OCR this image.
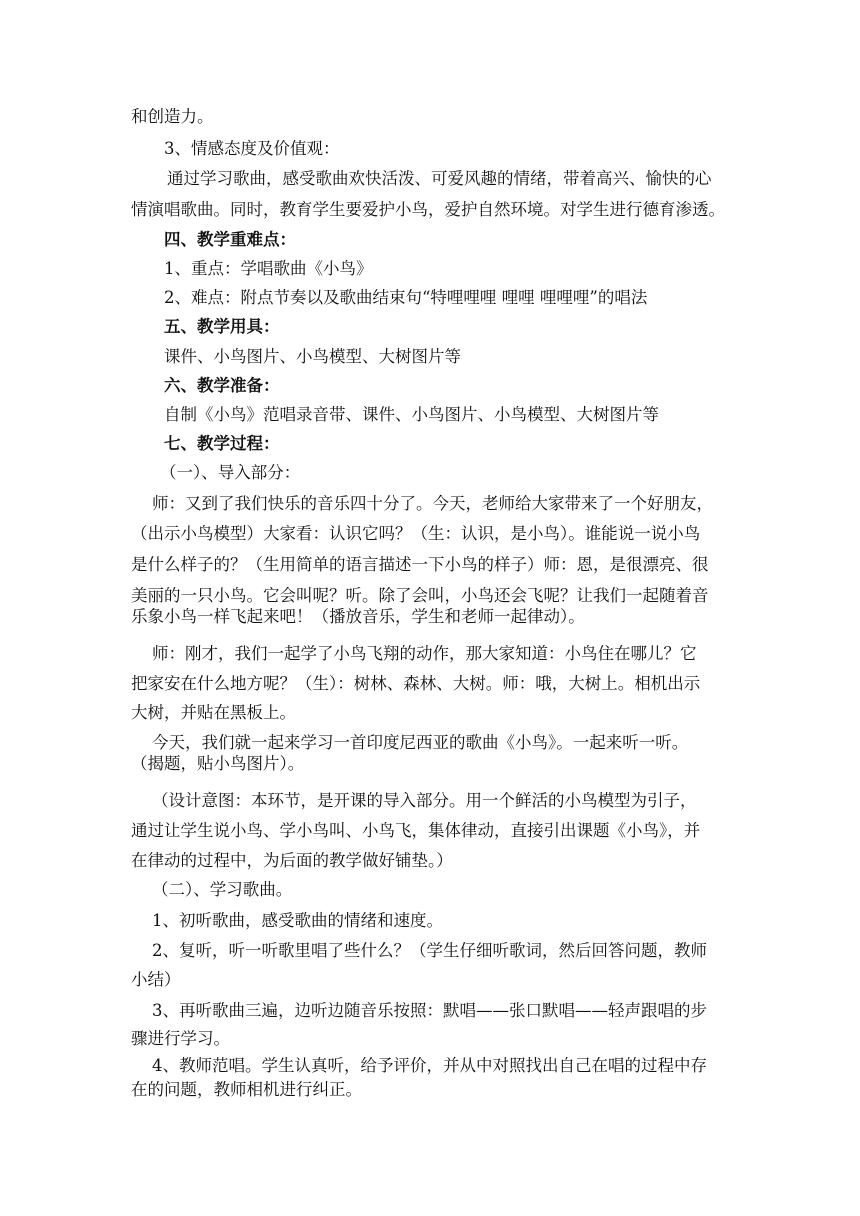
和创造力。
3、情感态度及价值观：
通过学习歌曲，感受歌曲欢快活泼、可爱风趣的情绪，带着高兴、愉快的心
情演唱歌曲。同时，教育学生要爱护小鸟，爱护自然环境。对学生进行德育渗透。
四、教学重难点：
1、重点：学唱歌曲《小鸟》
2、难点：附点节奏以及歌曲结束句“特哩哩哩 哩哩 哩哩哩”的唱法
五、教学用具：
课件、小鸟图片、小鸟模型、大树图片等
六、教学准备：
自制《小鸟》范唱录音带、课件、小鸟图片、小鸟模型、大树图片等
七、教学过程：
（一）、导入部分：
师：又到了我们快乐的音乐四十分了。今天，老师给大家带来了一个好朋友，
（出示小鸟模型）大家看：认识它吗？（生：认识，是小鸟）。谁能说一说小鸟
是什么样子的？（生用简单的语言描述一下小鸟的样子）师：恩，是很漂亮、很
美丽的一只小鸟。它会叫呢？听。除了会叫，小鸟还会飞呢？让我们一起随着音
乐象小鸟一样飞起来吧！（播放音乐，学生和老师一起律动）。
师：刚才，我们一起学了小鸟飞翔的动作，那大家知道：小鸟住在哪儿？它
把家安在什么地方呢？（生）：树林、森林、大树。师：哦，大树上。相机出示
大树，并贴在黑板上。
今天，我们就一起来学习一首印度尼西亚的歌曲《小鸟》。一起来听一听。
（揭题，贴小鸟图片）。
（设计意图：本环节，是开课的导入部分。用一个鲜活的小鸟模型为引子，
通过让学生说小鸟、学小鸟叫、小鸟飞，集体律动，直接引出课题《小鸟》，并
在律动的过程中，为后面的教学做好铺垫。）
（二）、学习歌曲。
1、初听歌曲，感受歌曲的情绪和速度。
2、复听，听一听歌里唱了些什么？（学生仔细听歌词，然后回答问题，教师
小结）
3、再听歌曲三遍，边听边随音乐按照：默唱——张口默唱——轻声跟唱的步
骤进行学习。
4、教师范唱。学生认真听，给予评价，并从中对照找出自己在唱的过程中存
在的问题，教师相机进行纠正。
